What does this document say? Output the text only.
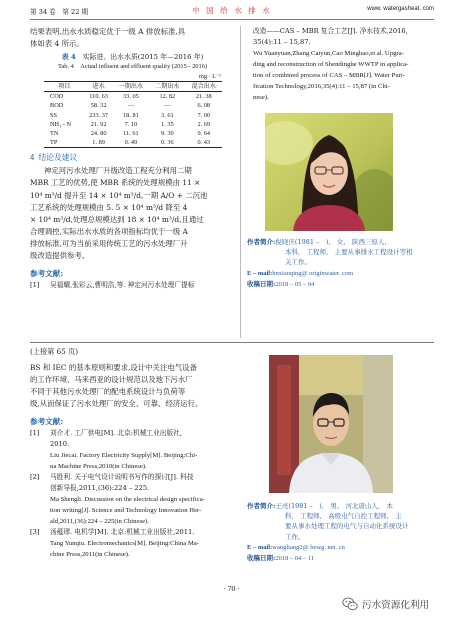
第 34 卷　第 22 期	中 国 给 水 排 水	www. watergasheat. com
结果表明,出水水质稳定优于一级 A 排放标准,具
体如表 4 所示。
表 4　实际进、出水水质(2015 年—2016 年)
Tab. 4　Actual influent and effluent quality (2015 - 2016)
mg · L⁻¹
项目	进水	一期出水	二期出水	混合出水
COD	110. 63	33. 05	12. 82	21. 38
BOD	58. 32	—	—	6. 08
SS	233. 37	18. 81	3. 61	7. 00
NH₃ - N	21. 92	7. 10	1. 35	2. 69
TN	24. 80	11. 61	9. 30	9. 64
TP	1. 89	0. 49	0. 36	0. 43
4 结论及建议
神定河污水处理厂升级改造工程充分利用二期
MBR 工艺的优势,使 MBR 系统的处理规模由 11 ×
10⁴ m³/d 提升至 14 × 10⁴ m³/d,一期 A/O + 二沉池
工艺系统的处理规模由 5. 5 × 10⁴ m³/d 降至 4
× 10⁴ m³/d,处理总规模达到 18 × 10⁴ m³/d,且通过
合理调控,实际出水水质的各项指标均优于一级 A
排放标准,可为当前采用传统工艺的污水处理厂升
级改造提供参考。
参考文献:
[1] 吴福耀,张彩云,曹明浩,等. 神定河污水处理厂提标
改造——CAS – MBR 复合工艺[J]. 净水技术,2016,
35(4):11 – 15,87.
Wu Yuanyuan,Zhang Caiyun,Cao Minghao,et al. Upgra-
ding and reconstruction of Shendinghe WWTP in applica-
tion of combined process of CAS – MBR[J]. Water Puri-
fication Technology,2016,35(4):11 – 15,87 (in Chi-
nese).
作者简介:倪晓庆(1981 –　),　女,　陕西三原人,
本科,　工程师,　主要从事排水工程设计等相
关工作。
E – mail:hnxiaoqing@ originwater. com
收稿日期:2018 – 05 – 04
(上接第 65 页)
BS 和 IEC 的基本原则和要求,设计中关注电气设备
的工作环境、马来西亚的设计规范以及地下污水厂
不同于其他污水处理厂的配电系统设计与负荷等
级,从而保证了污水处理厂的安全、可靠、经济运行。
参考文献:
[1] 刘介才. 工厂供电[M]. 北京:机械工业出版社,
2010.
Liu Jiecai. Factory Electricity Supply[M]. Beijing:Chi-
na Machine Press,2010(in Chinese).
[2] 马胜利. 关于电气设计说明书写作的探讨[J]. 科技
创新导报,2011,(36):224 – 225.
Ma Shengli. Discussion on the electrical design specifica-
tion writing[J]. Science and Technology Innovation Her-
ald,2011,(36):224 – 225(in Chinese).
[3] 汤蕴璆. 电机学[M]. 北京:机械工业出版社,2011.
Tang Yunqiu. Electromechanics[M]. Beijing:China Ma-
chine Press,2011(in Chinese).
作者简介:王亮(1981 –　),　男,　河北唐山人,　本
科,　工程师,　高级电气自控工程师,　主
要从事水处理工程的电气与自动化系统设计
工作。
E – mail:wangliang2@ bewg. net. cn
收稿日期:2018 – 04 – 11
· 70 ·
污水资源化利用
